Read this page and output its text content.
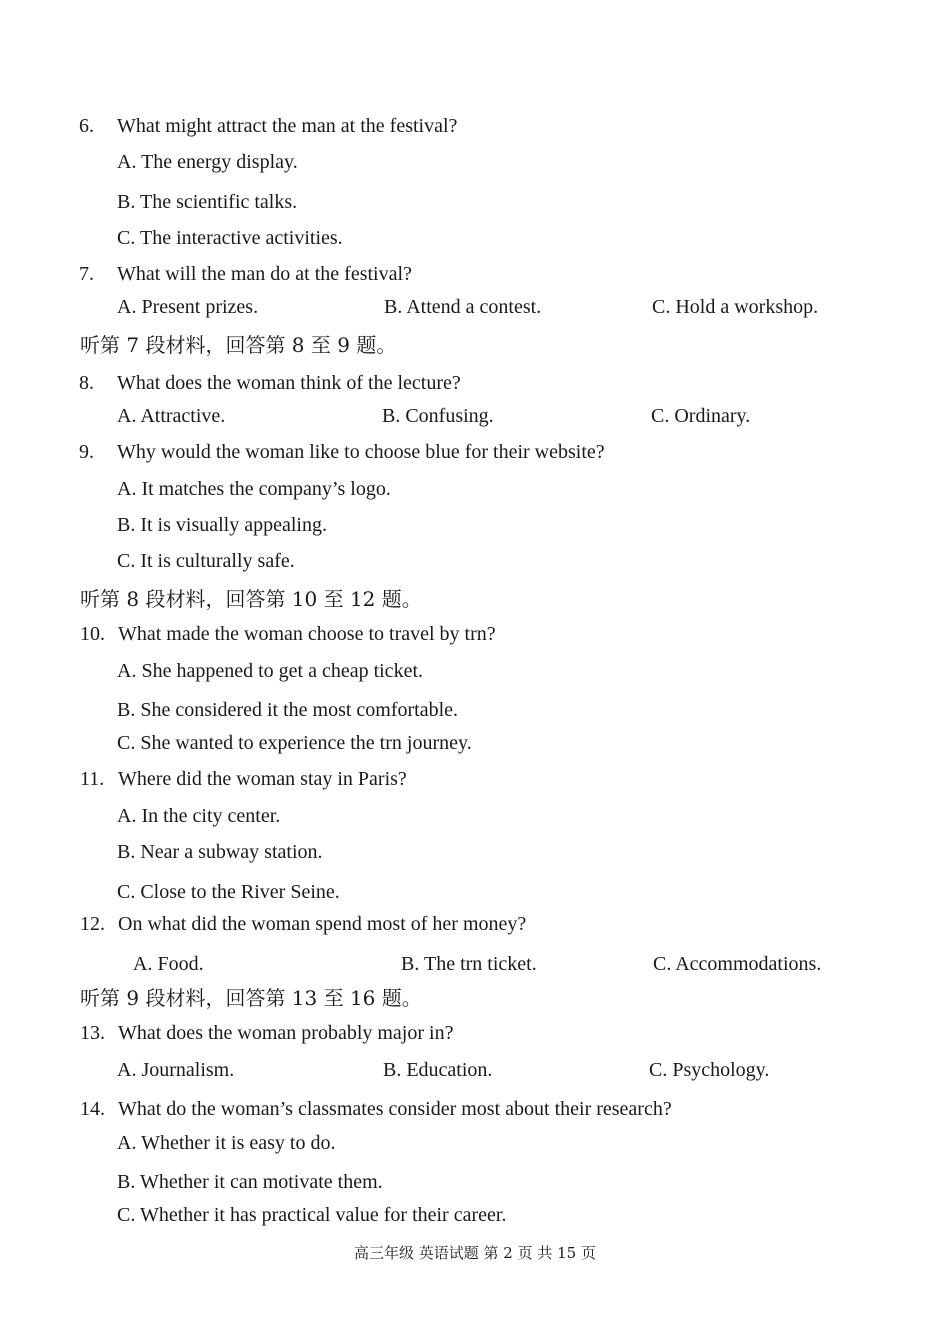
6. What might attract the man at the festival?
A. The energy display.
B. The scientific talks.
C. The interactive activities.
7. What will the man do at the festival?
A. Present prizes.	B. Attend a contest.	C. Hold a workshop.
听第 7 段材料，回答第 8 至 9 题。
8. What does the woman think of the lecture?
A. Attractive.	B. Confusing.	C. Ordinary.
9. Why would the woman like to choose blue for their website?
A. It matches the company’s logo.
B. It is visually appealing.
C. It is culturally safe.
听第 8 段材料，回答第 10 至 12 题。
10. What made the woman choose to travel by trn?
A. She happened to get a cheap ticket.
B. She considered it the most comfortable.
C. She wanted to experience the trn journey.
11. Where did the woman stay in Paris?
A. In the city center.
B. Near a subway station.
C. Close to the River Seine.
12. On what did the woman spend most of her money?
A. Food.	B. The trn ticket.	C. Accommodations.
听第 9 段材料，回答第 13 至 16 题。
13. What does the woman probably major in?
A. Journalism.	B. Education.	C. Psychology.
14. What do the woman’s classmates consider most about their research?
A. Whether it is easy to do.
B. Whether it can motivate them.
C. Whether it has practical value for their career.
高三年级 英语试题 第 2 页 共 15 页
